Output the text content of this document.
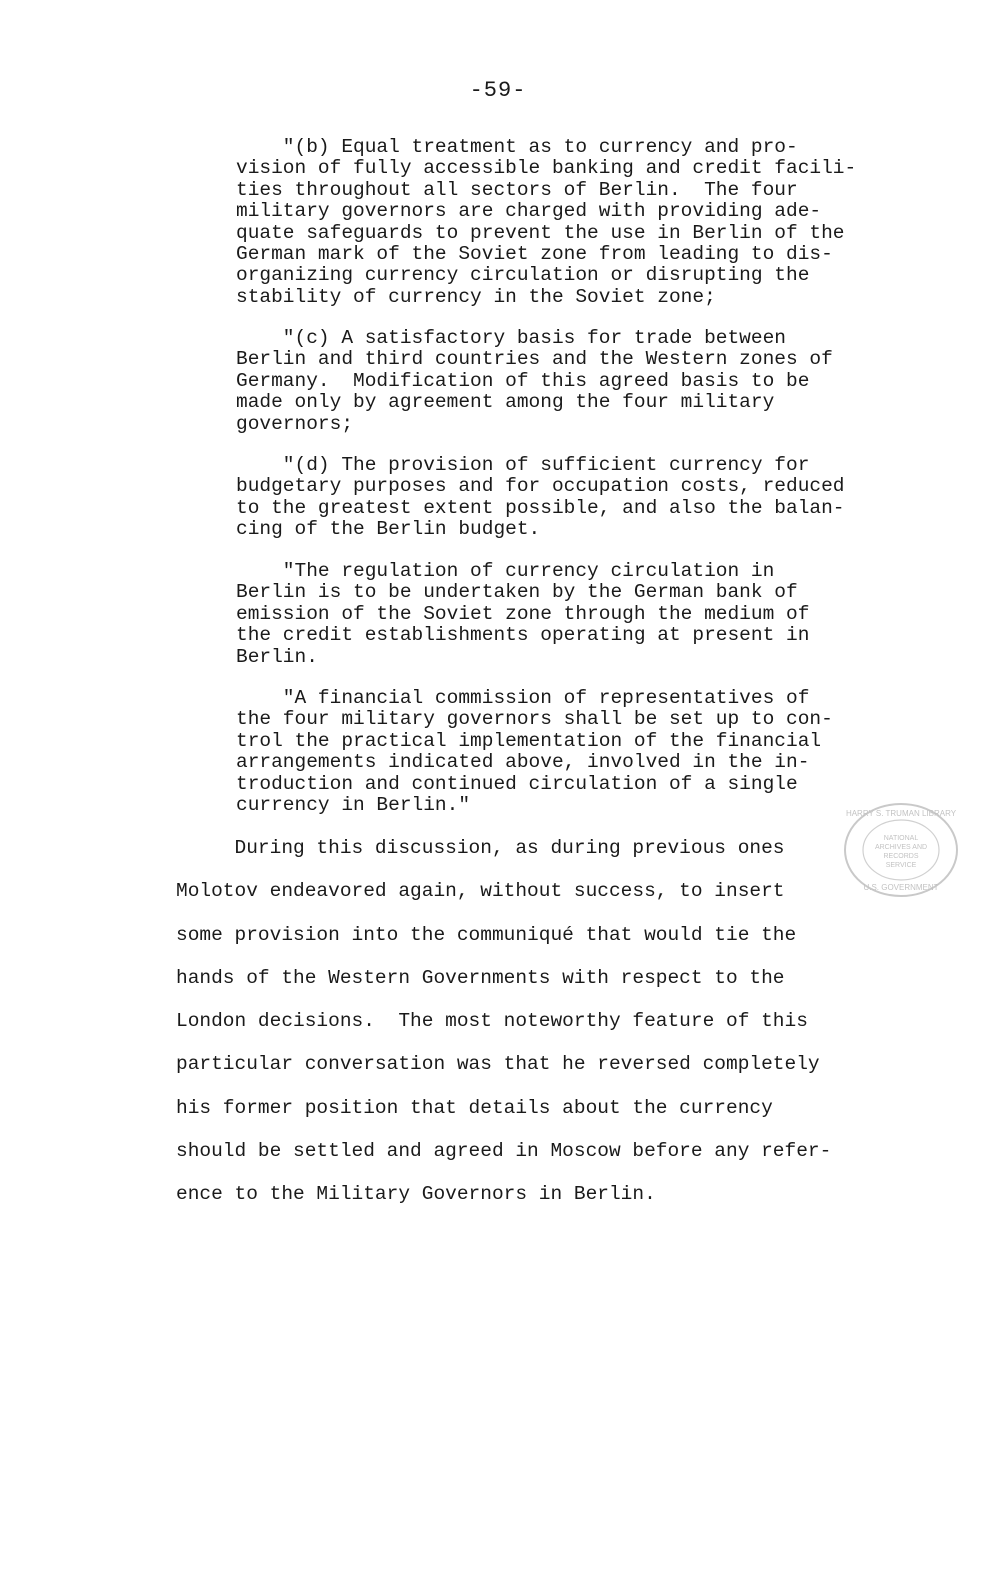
-59-
"(b) Equal treatment as to currency and pro-
vision of fully accessible banking and credit facili-
ties throughout all sectors of Berlin.  The four
military governors are charged with providing ade-
quate safeguards to prevent the use in Berlin of the
German mark of the Soviet zone from leading to dis-
organizing currency circulation or disrupting the
stability of currency in the Soviet zone;
"(c) A satisfactory basis for trade between
Berlin and third countries and the Western zones of
Germany.  Modification of this agreed basis to be
made only by agreement among the four military
governors;
"(d) The provision of sufficient currency for
budgetary purposes and for occupation costs, reduced
to the greatest extent possible, and also the balan-
cing of the Berlin budget.
"The regulation of currency circulation in
Berlin is to be undertaken by the German bank of
emission of the Soviet zone through the medium of
the credit establishments operating at present in
Berlin.
"A financial commission of representatives of
the four military governors shall be set up to con-
trol the practical implementation of the financial
arrangements indicated above, involved in the in-
troduction and continued circulation of a single
currency in Berlin."
During this discussion, as during previous ones
Molotov endeavored again, without success, to insert
some provision into the communiqué that would tie the
hands of the Western Governments with respect to the
London decisions.  The most noteworthy feature of this
particular conversation was that he reversed completely
his former position that details about the currency
should be settled and agreed in Moscow before any refer-
ence to the Military Governors in Berlin.
HARRY S. TRUMAN LIBRARY
NATIONAL
ARCHIVES AND
RECORDS
SERVICE
U.S. GOVERNMENT
